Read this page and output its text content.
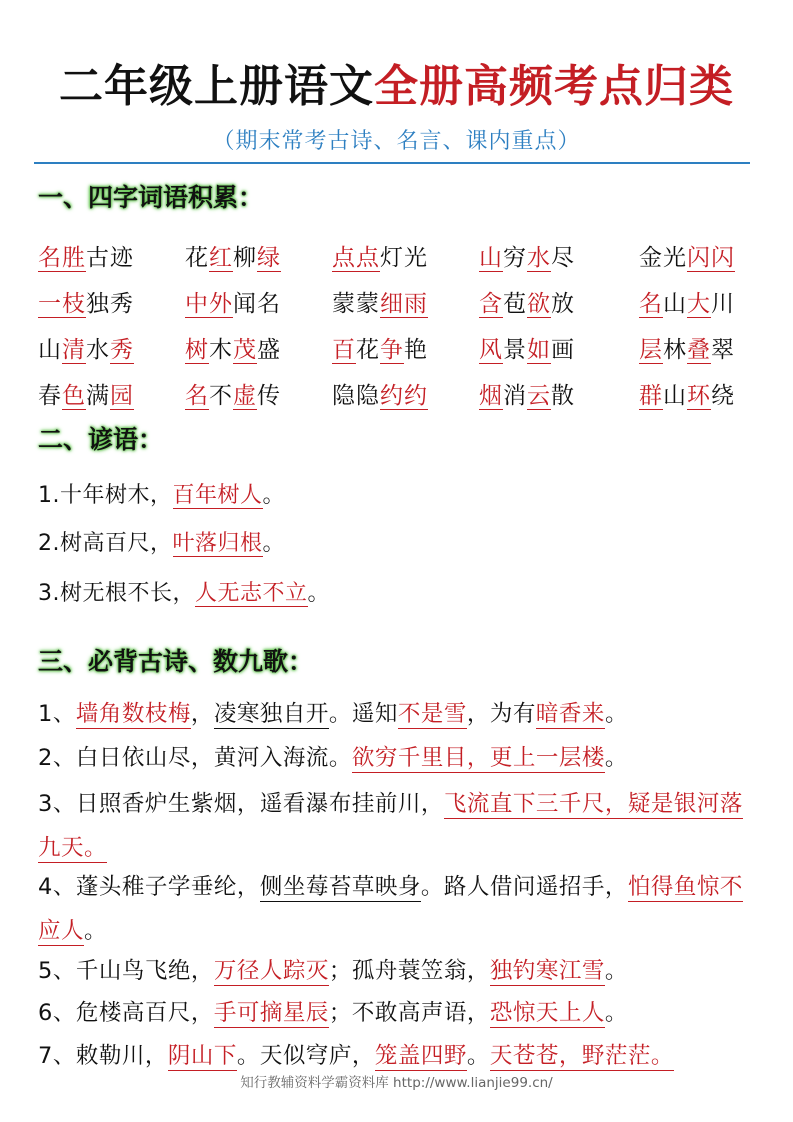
二年级上册语文全册高频考点归类
（期末常考古诗、名言、课内重点）
一、四字词语积累：
名胜古迹	花红柳绿	点点灯光	山穷水尽	金光闪闪
一枝独秀	中外闻名	蒙蒙细雨	含苞欲放	名山大川
山清水秀	树木茂盛	百花争艳	风景如画	层林叠翠
春色满园	名不虚传	隐隐约约	烟消云散	群山环绕
二、谚语：
1.十年树木，百年树人。
2.树高百尺，叶落归根。
3.树无根不长，人无志不立。
三、必背古诗、数九歌：
1、墙角数枝梅，凌寒独自开。遥知不是雪，为有暗香来。
2、白日依山尽，黄河入海流。欲穷千里目，更上一层楼。
3、日照香炉生紫烟，遥看瀑布挂前川，飞流直下三千尺，疑是银河落九天。
4、蓬头稚子学垂纶，侧坐莓苔草映身。路人借问遥招手，怕得鱼惊不应人。
5、千山鸟飞绝，万径人踪灭；孤舟蓑笠翁，独钓寒江雪。
6、危楼高百尺，手可摘星辰；不敢高声语，恐惊天上人。
7、敕勒川，阴山下。天似穹庐，笼盖四野。天苍苍，野茫茫。
知行教辅资料学霸资料库 http://www.lianjie99.cn/
